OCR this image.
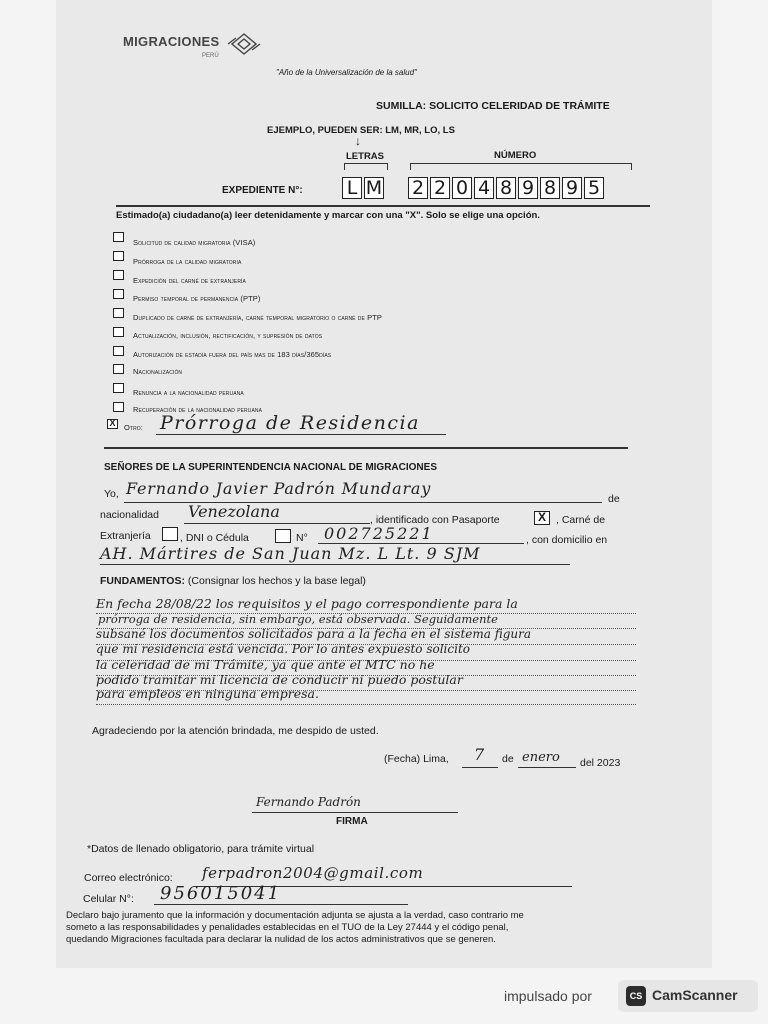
MIGRACIONES
PERÚ
"Año de la Universalización de la salud"
SUMILLA: SOLICITO CELERIDAD DE TRÁMITE
EJEMPLO, PUEDEN SER: LM, MR, LO, LS
↓
LETRAS	NÚMERO
EXPEDIENTE N°: L M 2 2 0 4 8 9 8 9 5
Estimado(a) ciudadano(a) leer detenidamente y marcar con una "X". Solo se elige una opción.
Solicitud de calidad migratoria (VISA)
Prórroga de la calidad migratoria
Expedición del carné de extranjería
Permiso temporal de permanencia (PTP)
Duplicado de carné de extranjería, carné temporal migratorio o carné de PTP
Actualización, inclusión, rectificación, y supresión de datos
Autorización de estadía fuera del país mas de 183 días/365días
Nacionalización
Renuncia a la nacionalidad peruana
Recuperación de la nacionalidad peruana
X	Otro: Prórroga de Residencia
SEÑORES DE LA SUPERINTENDENCIA NACIONAL DE MIGRACIONES
Yo, Fernando Javier Padrón Mundaray
de
nacionalidad Venezolana	, identificado con Pasaporte	X , Carné de
Extranjería	, DNI o Cédula	N° 002725221	, con domicilio en
AH. Mártires de San Juan Mz. L Lt. 9 SJM
FUNDAMENTOS: (Consignar los hechos y la base legal)
En fecha 28/08/22 los requisitos y el pago correspondiente para la
prórroga de residencia, sin embargo, está observada. Seguidamente
subsané los documentos solicitados para a la fecha en el sistema figura
que mi residencia está vencida. Por lo antes expuesto solicito
la celeridad de mi Trámite, ya que ante el MTC no he
podido tramitar mi licencia de conducir ni puedo postular
para empleos en ninguna empresa.
Agradeciendo por la atención brindada, me despido de usted.
(Fecha) Lima, 7 de enero del 2023
Fernando Padrón
FIRMA
*Datos de llenado obligatorio, para trámite virtual
Correo electrónico: ferpadron2004@gmail.com
Celular N°: 956015041
Declaro bajo juramento que la información y documentación adjunta se ajusta a la verdad, caso contrario me
someto a las responsabilidades y penalidades establecidas en el TUO de la Ley 27444 y el código penal,
quedando Migraciones facultada para declarar la nulidad de los actos administrativos que se generen.
impulsado por	CS CamScanner
